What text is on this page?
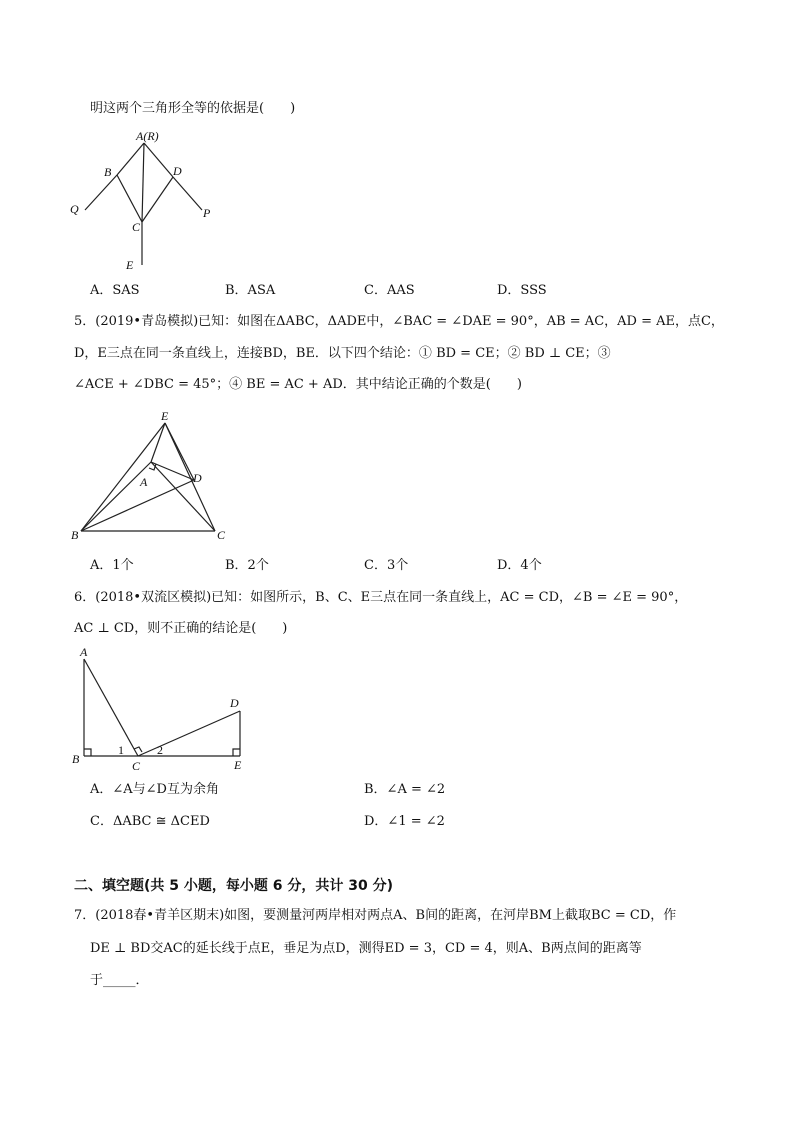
明这两个三角形全等的依据是(　　)
A(R)
B	D
Q	P
C
E
A．SAS	B．ASA	C．AAS	D．SSS
5．(2019•青岛模拟)已知：如图在ΔABC，ΔADE中，∠BAC = ∠DAE = 90°，AB = AC，AD = AE，点C，
D，E三点在同一条直线上，连接BD，BE．以下四个结论：① BD = CE；② BD ⊥ CE；③
∠ACE + ∠DBC = 45°；④ BE = AC + AD．其中结论正确的个数是(　　)
E
A	D
B	C
A．1个	B．2个	C．3个	D．4个
6．(2018•双流区模拟)已知：如图所示，B、C、E三点在同一条直线上，AC = CD，∠B = ∠E = 90°，
AC ⊥ CD，则不正确的结论是(　　)
A
D
B	C	E
1	2
A．∠A与∠D互为余角	B．∠A = ∠2
C．ΔABC ≅ ΔCED	D．∠1 = ∠2
二、填空题(共 5 小题，每小题 6 分，共计 30 分)
7．(2018春•青羊区期末)如图，要测量河两岸相对两点A、B间的距离，在河岸BM上截取BC = CD，作
DE ⊥ BD交AC的延长线于点E，垂足为点D，测得ED = 3，CD = 4，则A、B两点间的距离等
于_____．
